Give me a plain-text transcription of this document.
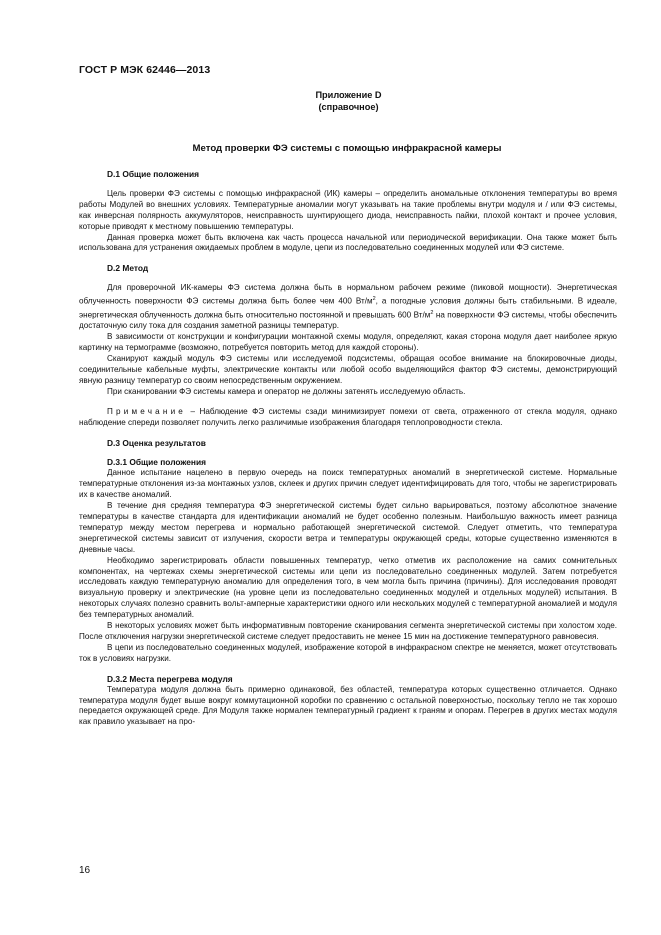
ГОСТ Р МЭК 62446—2013
Приложение D
(справочное)
Метод проверки ФЭ системы с помощью инфракрасной камеры
D.1 Общие положения

Цель проверки ФЭ системы с помощью инфракрасной (ИК) камеры – определить аномальные отклонения температуры во время работы Модулей во внешних условиях. Температурные аномалии могут указывать на такие проблемы внутри модуля и / или ФЭ системы, как инверсная полярность аккумуляторов, неисправность шунтирующего диода, неисправность пайки, плохой контакт и прочее условия, которые приводят к местному повышению температуры.

Данная проверка может быть включена как часть процесса начальной или периодической верификации. Она также может быть использована для устранения ожидаемых проблем в модуле, цепи из последовательно соединенных модулей или ФЭ системе.

D.2 Метод

Для проверочной ИК-камеры ФЭ система должна быть в нормальном рабочем режиме (пиковой мощности). Энергетическая облученность поверхности ФЭ системы должна быть более чем 400 $Вт/м^2$, а погодные условия должны быть стабильными. В идеале, энергетическая облученность должна быть относительно постоянной и превышать 600 $Вт/м^2$ на поверхности ФЭ системы, чтобы обеспечить достаточную силу тока для создания заметной разницы температур.

В зависимости от конструкции и конфигурации монтажной схемы модуля, определяют, какая сторона модуля дает наиболее яркую картинку на термограмме (возможно, потребуется повторить метод для каждой стороны).

Сканируют каждый модуль ФЭ системы или исследуемой подсистемы, обращая особое внимание на блокировочные диоды, соединительные кабельные муфты, электрические контакты или любой особо выделяющийся фактор ФЭ системы, демонстрирующий явную разницу температур со своим непосредственным окружением.

При сканировании ФЭ системы камера и оператор не должны затенять исследуемую область.

Примечание – Наблюдение ФЭ системы сзади минимизирует помехи от света, отраженного от стекла модуля, однако наблюдение спереди позволяет получить легко различимые изображения благодаря теплопроводности стекла.

D.3 Оценка результатов
D.3.1 Общие положения

Данное испытание нацелено в первую очередь на поиск температурных аномалий в энергетической системе. Нормальные температурные отклонения из-за монтажных узлов, склеек и других причин следует идентифицировать для того, чтобы не зарегистрировать их в качестве аномалий.

В течение дня средняя температура ФЭ энергетической системы будет сильно варьироваться, поэтому абсолютное значение температуры в качестве стандарта для идентификации аномалий не будет особенно полезным. Наибольшую важность имеет разница температур между местом перегрева и нормально работающей энергетической системой. Следует отметить, что температура энергетической системы зависит от излучения, скорости ветра и температуры окружающей среды, которые существенно изменяются в дневные часы.

Необходимо зарегистрировать области повышенных температур, четко отметив их расположение на самих сомнительных компонентах, на чертежах схемы энергетической системы или цепи из последовательно соединенных модулей. Затем потребуется исследовать каждую температурную аномалию для определения того, в чем могла быть причина (причины). Для исследования проводят визуальную проверку и электрические (на уровне цепи из последовательно соединенных модулей и отдельных модулей) испытания. В некоторых случаях полезно сравнить вольт-амперные характеристики одного или нескольких модулей с температурной аномалией и модуля без температурных аномалий.

В некоторых условиях может быть информативным повторение сканирования сегмента энергетической системы при холостом ходе. После отключения нагрузки энергетической системе следует предоставить не менее 15 мин на достижение температурного равновесия.

В цепи из последовательно соединенных модулей, изображение которой в инфракрасном спектре не меняется, может отсутствовать ток в условиях нагрузки.

D.3.2 Места перегрева модуля

Температура модуля должна быть примерно одинаковой, без областей, температура которых существенно отличается. Однако температура модуля будет выше вокруг коммутационной коробки по сравнению с остальной поверхностью, поскольку тепло не так хорошо передается окружающей среде. Для Модуля также нормален температурный градиент к граням и опорам. Перегрев в других местах модуля как правило указывает на про-

16
